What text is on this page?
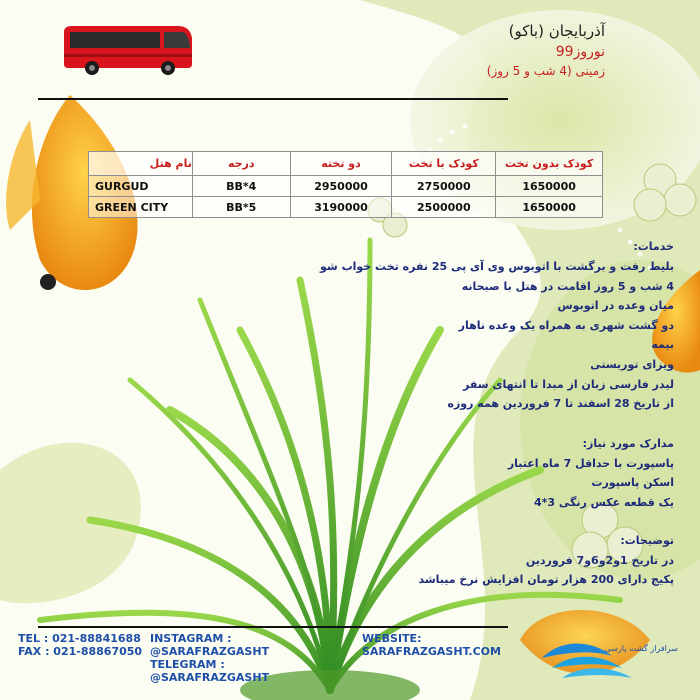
آذربایجان (باکو)
نوروز99
زمینی (4 شب و 5 روز)
کودک بدون تخت	کودک با تخت	دو تخته	درجه	نام هتل
1650000	2750000	2950000	4*BB	GURGUD
1650000	2500000	3190000	5*BB	GREEN CITY
خدمات:
بلیط رفت و برگشت با اتوبوس وی آی پی 25 نفره تخت خواب شو
4 شب و 5 روز اقامت در هتل با صبحانه
میان وعده در اتوبوس
دو گشت شهری به همراه یک وعده ناهار
بیمه
ویزای توریستی
لیدر فارسی زبان از مبدا تا انتهای سفر
از تاریخ 28 اسفند تا 7 فروردین همه روزه
مدارک مورد نیاز:
پاسپورت با حداقل 7 ماه اعتبار
اسکن پاسپورت
یک قطعه عکس رنگی 3*4
توضیحات:
در تاریخ 1و2و6و7 فروردین
پکیج دارای 200 هزار تومان افزایش نرخ میباشد
TEL : 021-88841688
FAX : 021-88867050
INSTAGRAM :
@SARAFRAZGASHT
TELEGRAM :
@SARAFRAZGASHT
WEBSITE:
SARAFRAZGASHT.COM	سرافراز گشت پارسی
